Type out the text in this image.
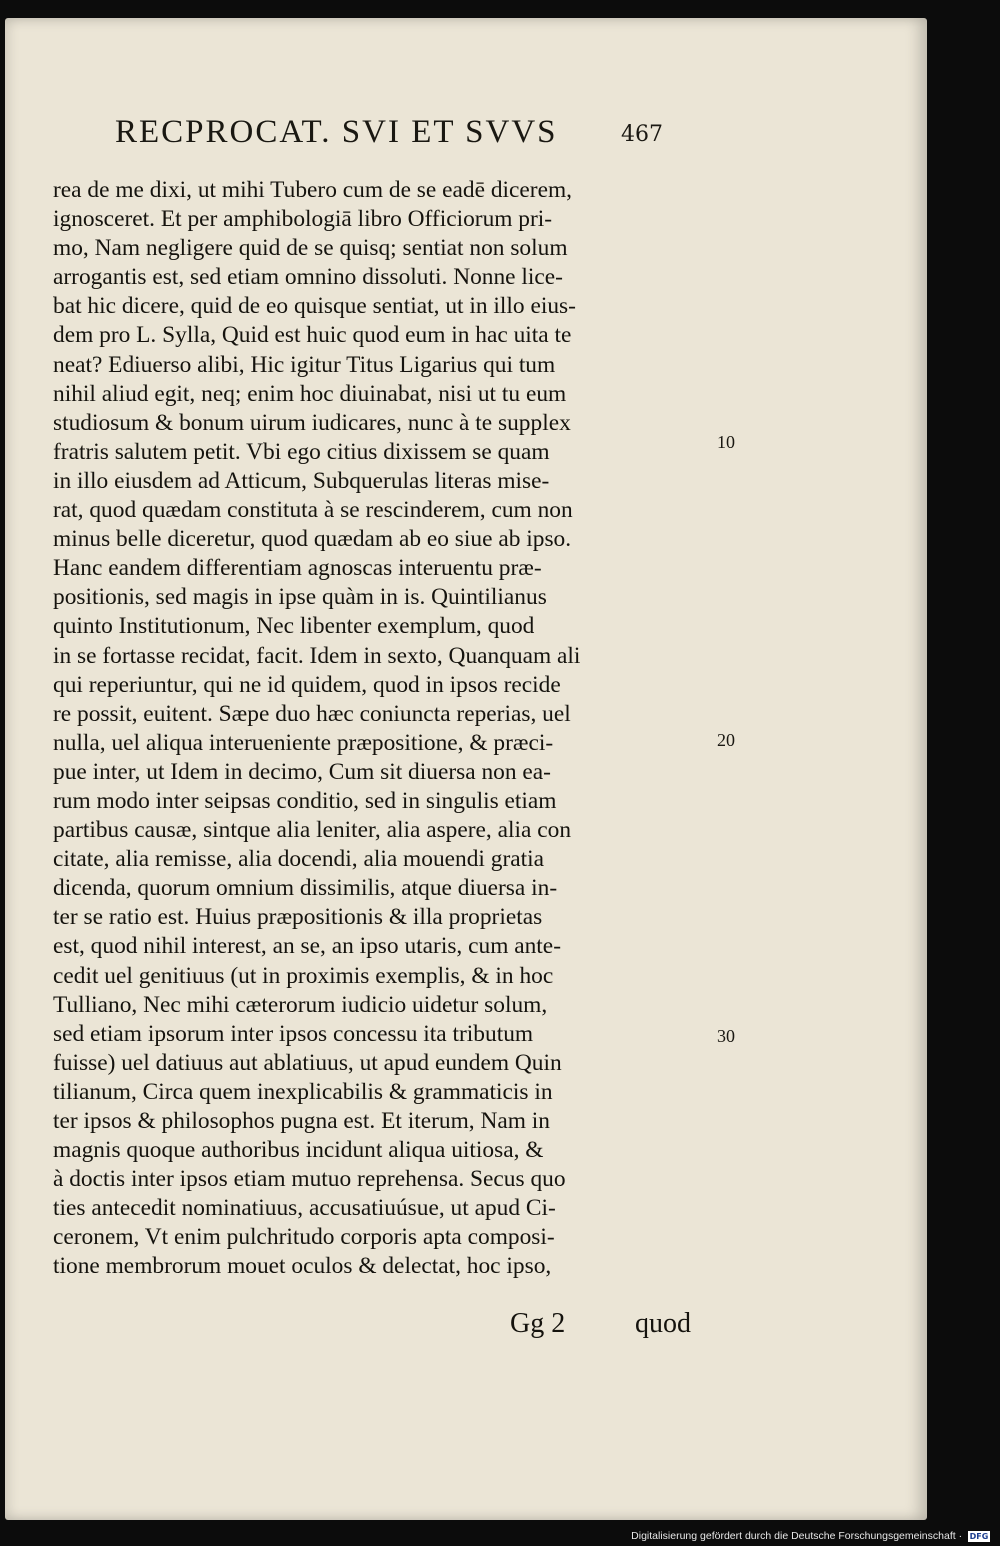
RECPROCAT. SVI ET SVVS	467
rea de me dixi, ut mihi Tubero cum de se eadē dicerem,
ignosceret. Et per amphibologiā libro Officiorum pri-
mo, Nam negligere quid de se quisq; sentiat non solum
arrogantis est, sed etiam omnino dissoluti. Nonne lice-
bat hic dicere, quid de eo quisque sentiat, ut in illo eius-
dem pro L. Sylla, Quid est huic quod eum in hac uita te
neat? Ediuerso alibi, Hic igitur Titus Ligarius qui tum
nihil aliud egit, neq; enim hoc diuinabat, nisi ut tu eum
studiosum & bonum uirum iudicares, nunc à te supplex
fratris salutem petit. Vbi ego citius dixissem se quam
in illo eiusdem ad Atticum, Subquerulas literas mise-
rat, quod quædam constituta à se rescinderem, cum non
minus belle diceretur, quod quædam ab eo siue ab ipso.
Hanc eandem differentiam agnoscas interuentu præ-
positionis, sed magis in ipse quàm in is. Quintilianus
quinto Institutionum, Nec libenter exemplum, quod
in se fortasse recidat, facit. Idem in sexto, Quanquam ali
qui reperiuntur, qui ne id quidem, quod in ipsos recide
re possit, euitent. Sæpe duo hæc coniuncta reperias, uel
nulla, uel aliqua interueniente præpositione, & præci-
pue inter, ut Idem in decimo, Cum sit diuersa non ea-
rum modo inter seipsas conditio, sed in singulis etiam
partibus causæ, sintque alia leniter, alia aspere, alia con
citate, alia remisse, alia docendi, alia mouendi gratia
dicenda, quorum omnium dissimilis, atque diuersa in-
ter se ratio est. Huius præpositionis & illa proprietas
est, quod nihil interest, an se, an ipso utaris, cum ante-
cedit uel genitiuus (ut in proximis exemplis, & in hoc
Tulliano, Nec mihi cæterorum iudicio uidetur solum,
sed etiam ipsorum inter ipsos concessu ita tributum
fuisse) uel datiuus aut ablatiuus, ut apud eundem Quin
tilianum, Circa quem inexplicabilis & grammaticis in
ter ipsos & philosophos pugna est. Et iterum, Nam in
magnis quoque authoribus incidunt aliqua uitiosa, &
à doctis inter ipsos etiam mutuo reprehensa. Secus quo
ties antecedit nominatiuus, accusatiuúsue, ut apud Ci-
ceronem, Vt enim pulchritudo corporis apta composi-
tione membrorum mouet oculos & delectat, hoc ipso,
10
20
30
Gg 2 quod
Digitalisierung gefördert durch die Deutsche Forschungsgemeinschaft · DFG
